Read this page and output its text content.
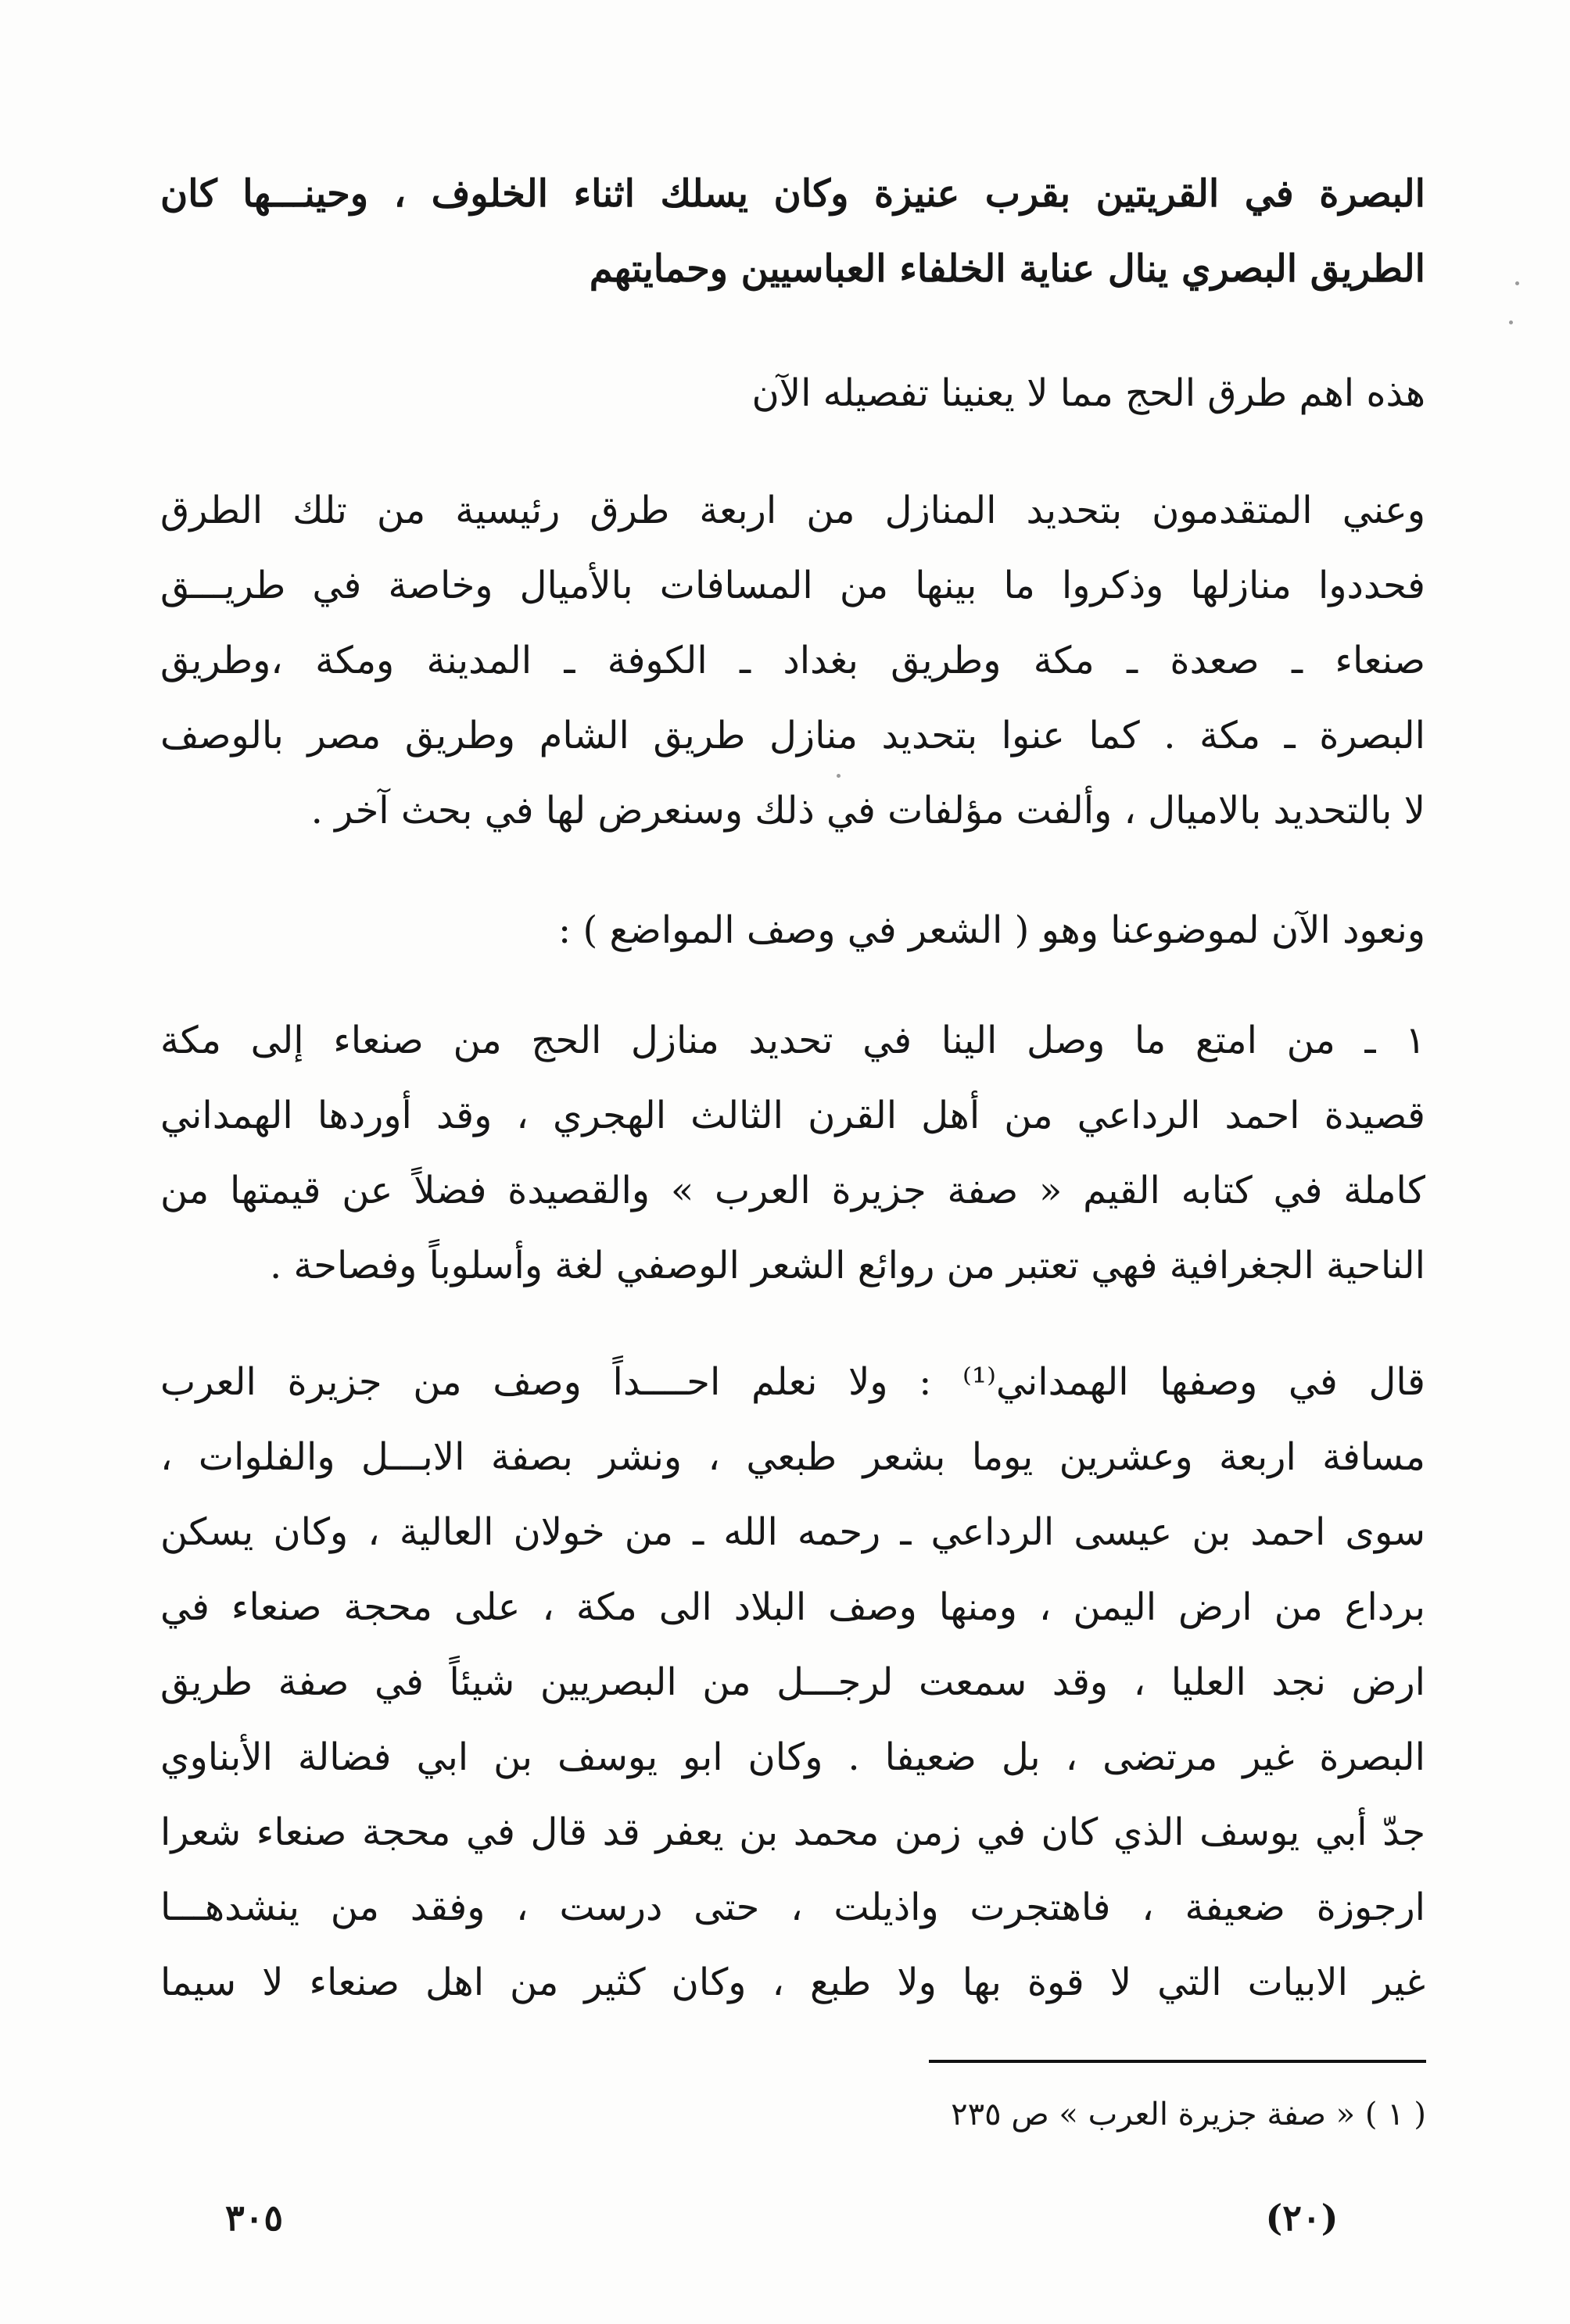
البصرة في القريتين بقرب عنيزة وكان يسلك اثناء الخلوف ، وحينـــها كان
الطريق البصري ينال عناية الخلفاء العباسيين وحمايتهم
هذه اهم طرق الحج مما لا يعنينا تفصيله الآن
وعني المتقدمون بتحديد المنازل من اربعة طرق رئيسية من تلك الطرق
فحددوا منازلها وذكروا ما بينها من المسافات بالأميال وخاصة في طريـــق
صنعاء ـ صعدة ـ مكة وطريق بغداد ـ الكوفة ـ المدينة ومكة ،وطريق
البصرة ـ مكة . كما عنوا بتحديد منازل طريق الشام وطريق مصر بالوصف
لا بالتحديد بالاميال ، وألفت مؤلفات في ذلك وسنعرض لها في بحث آخر .
ونعود الآن لموضوعنا وهو ( الشعر في وصف المواضع ) :
١ ـ من امتع ما وصل الينا في تحديد منازل الحج من صنعاء إلى مكة
قصيدة احمد الرداعي من أهل القرن الثالث الهجري ، وقد أوردها الهمداني
كاملة في كتابه القيم « صفة جزيرة العرب » والقصيدة فضلاً عن قيمتها من
الناحية الجغرافية فهي تعتبر من روائع الشعر الوصفي لغة وأسلوباً وفصاحة .
قال في وصفها الهمداني⁽¹⁾ : ولا نعلم احــــداً وصف من جزيرة العرب
مسافة اربعة وعشرين يوما بشعر طبعي ، ونشر بصفة الابـــل والفلوات ،
سوى احمد بن عيسى الرداعي ـ رحمه الله ـ من خولان العالية ، وكان يسكن
برداع من ارض اليمن ، ومنها وصف البلاد الى مكة ، على محجة صنعاء في
ارض نجد العليا ، وقد سمعت لرجـــل من البصريين شيئاً في صفة طريق
البصرة غير مرتضى ، بل ضعيفا . وكان ابو يوسف بن ابي فضالة الأبناوي
جدّ أبي يوسف الذي كان في زمن محمد بن يعفر قد قال في محجة صنعاء شعرا
ارجوزة ضعيفة ، فاهتجرت واذيلت ، حتى درست ، وفقد من ينشدهـــا
غير الابيات التي لا قوة بها ولا طبع ، وكان كثير من اهل صنعاء لا سيما
( ١ ) « صفة جزيرة العرب » ص ٢٣٥
٣٠٥	(٢٠)
